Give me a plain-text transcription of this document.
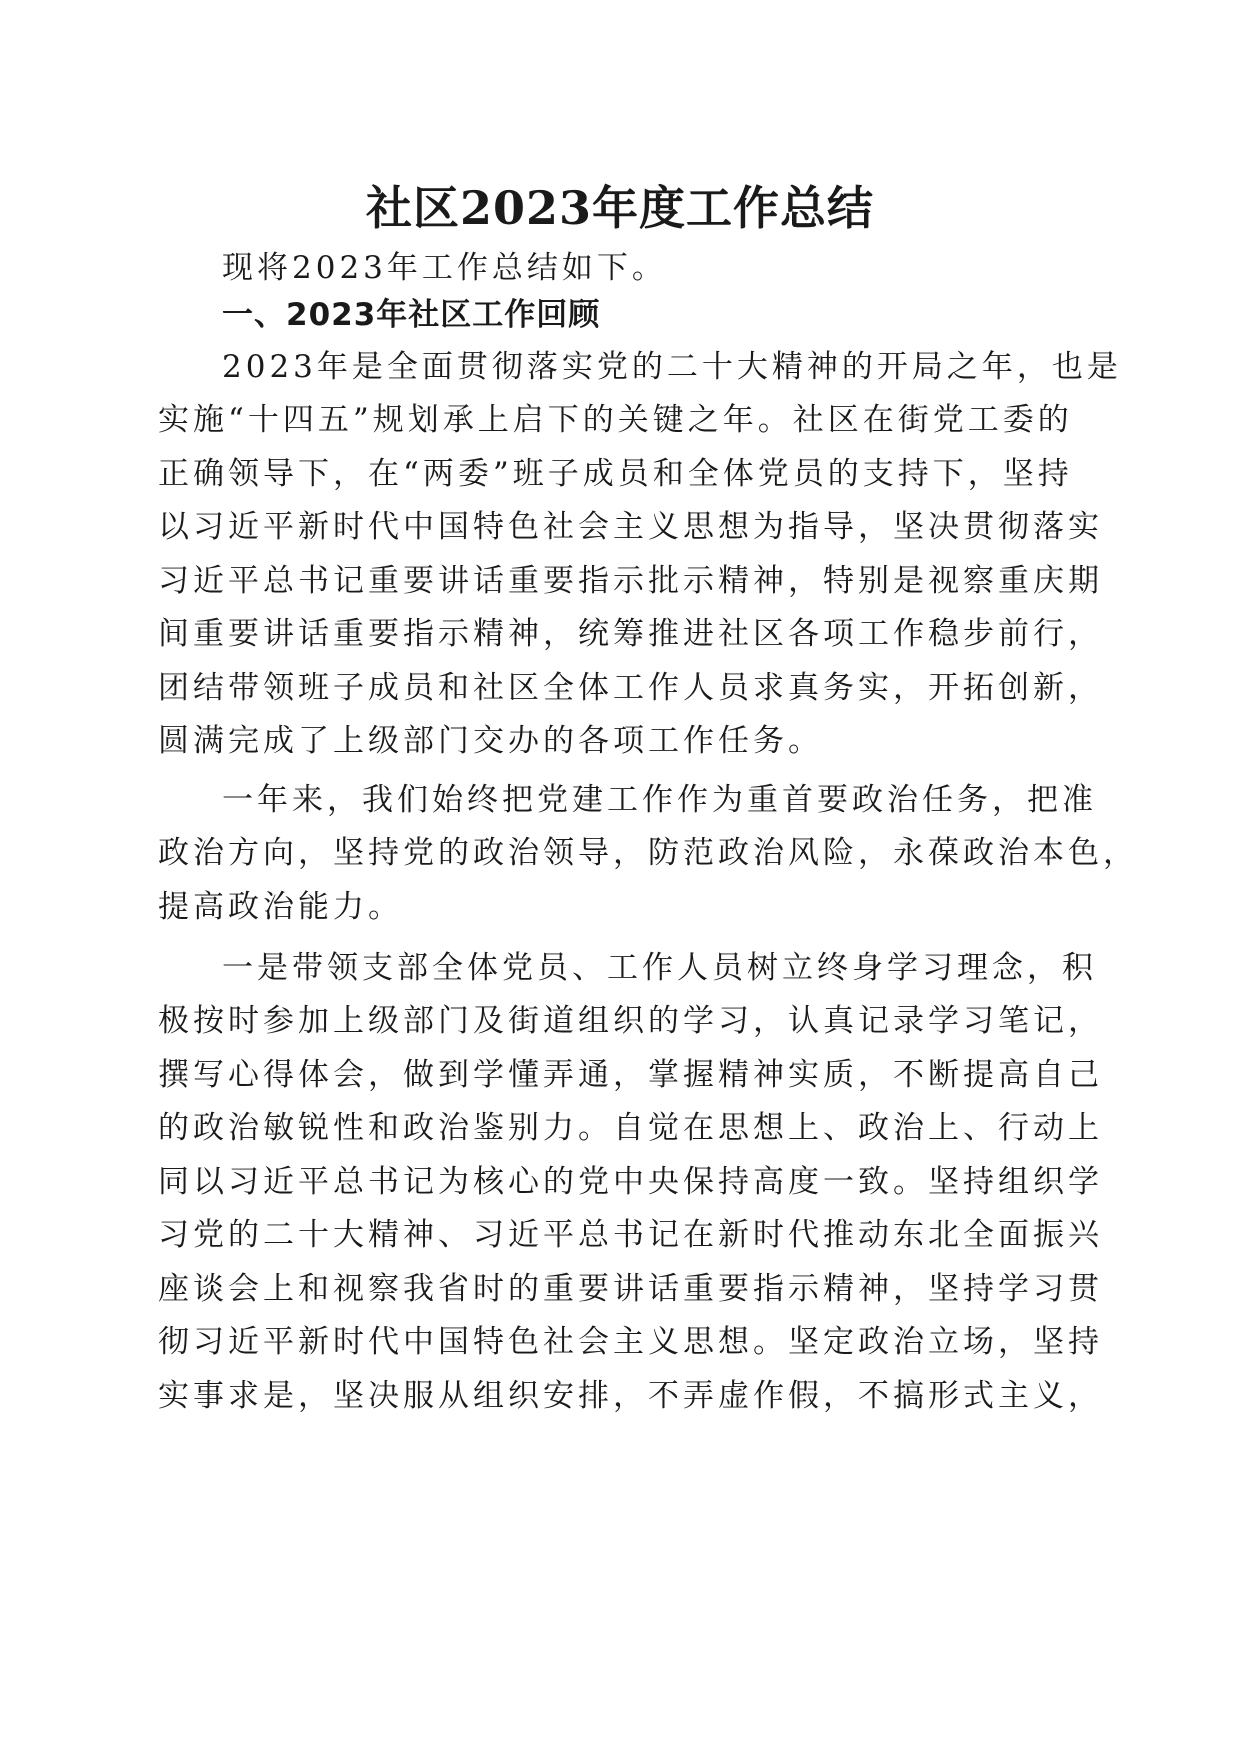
社区2023年度工作总结

现将2023年工作总结如下。

一、2023年社区工作回顾

2023年是全面贯彻落实党的二十大精神的开局之年，也是

实施“十四五”规划承上启下的关键之年。社区在街党工委的

正确领导下，在“两委”班子成员和全体党员的支持下，坚持

以习近平新时代中国特色社会主义思想为指导，坚决贯彻落实

习近平总书记重要讲话重要指示批示精神，特别是视察重庆期

间重要讲话重要指示精神，统筹推进社区各项工作稳步前行，

团结带领班子成员和社区全体工作人员求真务实，开拓创新，

圆满完成了上级部门交办的各项工作任务。

一年来，我们始终把党建工作作为重首要政治任务，把准

政治方向，坚持党的政治领导，防范政治风险，永葆政治本色，

提高政治能力。

一是带领支部全体党员、工作人员树立终身学习理念，积

极按时参加上级部门及街道组织的学习，认真记录学习笔记，

撰写心得体会，做到学懂弄通，掌握精神实质，不断提高自己

的政治敏锐性和政治鉴别力。自觉在思想上、政治上、行动上

同以习近平总书记为核心的党中央保持高度一致。坚持组织学

习党的二十大精神、习近平总书记在新时代推动东北全面振兴

座谈会上和视察我省时的重要讲话重要指示精神，坚持学习贯

彻习近平新时代中国特色社会主义思想。坚定政治立场，坚持

实事求是，坚决服从组织安排，不弄虚作假，不搞形式主义，
